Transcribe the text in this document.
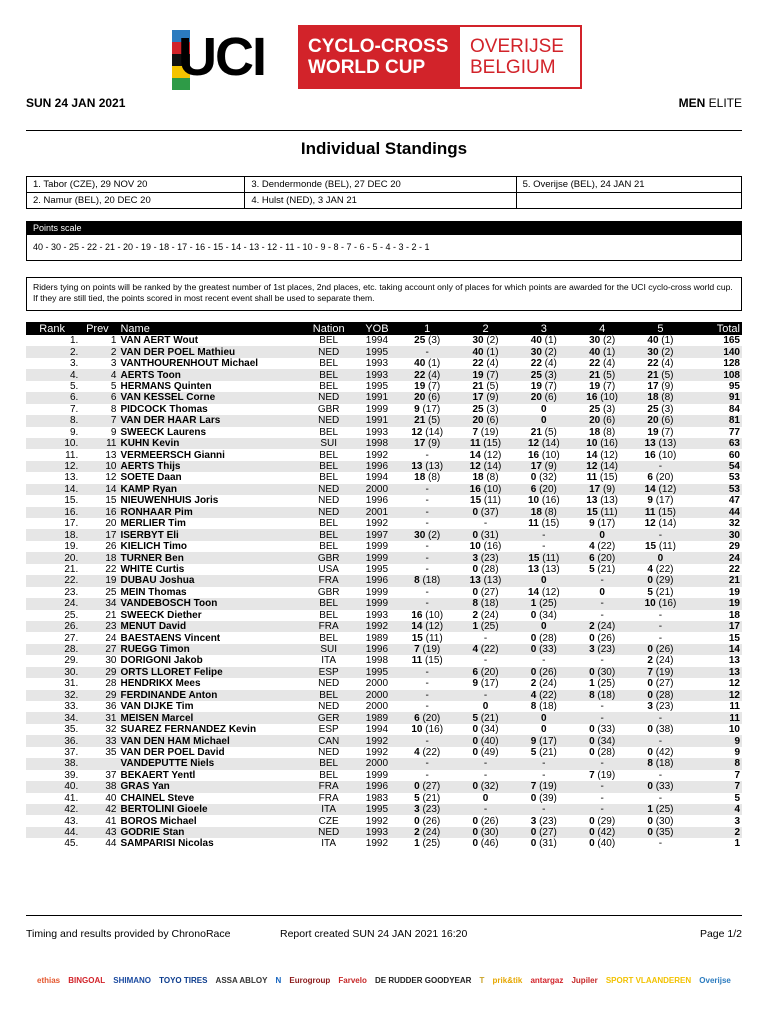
UCI CYCLO-CROSS
WORLD CUP
OVERIJSE
BELGIUM
SUN 24 JAN 2021	MEN ELITE
Individual Standings
1. Tabor (CZE), 29 NOV 20	3. Dendermonde (BEL), 27 DEC 20	5. Overijse (BEL), 24 JAN 21
2. Namur (BEL), 20 DEC 20	4. Hulst (NED), 3 JAN 21	
Points scale
40 - 30 - 25 - 22 - 21 - 20 - 19 - 18 - 17 - 16 - 15 - 14 - 13 - 12 - 11 - 10 - 9 - 8 - 7 - 6 - 5 - 4 - 3 - 2 - 1
Riders tying on points will be ranked by the greatest number of 1st places, 2nd places, etc. taking account only of places for which points are awarded for the UCI cyclo-cross world cup. If they are still tied, the points scored in most recent event shall be used to separate them.
Rank	Prev	Name	Nation	YOB	1	2	3	4	5	Total
1.	1	VAN AERT Wout	BEL	1994	25 (3)	30 (2)	40 (1)	30 (2)	40 (1)	165
2.	2	VAN DER POEL Mathieu	NED	1995	-	40 (1)	30 (2)	40 (1)	30 (2)	140
3.	3	VANTHOURENHOUT Michael	BEL	1993	40 (1)	22 (4)	22 (4)	22 (4)	22 (4)	128
4.	4	AERTS Toon	BEL	1993	22 (4)	19 (7)	25 (3)	21 (5)	21 (5)	108
5.	5	HERMANS Quinten	BEL	1995	19 (7)	21 (5)	19 (7)	19 (7)	17 (9)	95
6.	6	VAN KESSEL Corne	NED	1991	20 (6)	17 (9)	20 (6)	16 (10)	18 (8)	91
7.	8	PIDCOCK Thomas	GBR	1999	9 (17)	25 (3)	0	25 (3)	25 (3)	84
8.	7	VAN DER HAAR Lars	NED	1991	21 (5)	20 (6)	0	20 (6)	20 (6)	81
9.	9	SWEECK Laurens	BEL	1993	12 (14)	7 (19)	21 (5)	18 (8)	19 (7)	77
10.	11	KUHN Kevin	SUI	1998	17 (9)	11 (15)	12 (14)	10 (16)	13 (13)	63
11.	13	VERMEERSCH Gianni	BEL	1992	-	14 (12)	16 (10)	14 (12)	16 (10)	60
12.	10	AERTS Thijs	BEL	1996	13 (13)	12 (14)	17 (9)	12 (14)	-	54
13.	12	SOETE Daan	BEL	1994	18 (8)	18 (8)	0 (32)	11 (15)	6 (20)	53
14.	14	KAMP Ryan	NED	2000	-	16 (10)	6 (20)	17 (9)	14 (12)	53
15.	15	NIEUWENHUIS Joris	NED	1996	-	15 (11)	10 (16)	13 (13)	9 (17)	47
16.	16	RONHAAR Pim	NED	2001	-	0 (37)	18 (8)	15 (11)	11 (15)	44
17.	20	MERLIER Tim	BEL	1992	-	-	11 (15)	9 (17)	12 (14)	32
18.	17	ISERBYT Eli	BEL	1997	30 (2)	0 (31)	-	0	-	30
19.	26	KIELICH Timo	BEL	1999	-	10 (16)	-	4 (22)	15 (11)	29
20.	18	TURNER Ben	GBR	1999	-	3 (23)	15 (11)	6 (20)	0	24
21.	22	WHITE Curtis	USA	1995	-	0 (28)	13 (13)	5 (21)	4 (22)	22
22.	19	DUBAU Joshua	FRA	1996	8 (18)	13 (13)	0	-	0 (29)	21
23.	25	MEIN Thomas	GBR	1999	-	0 (27)	14 (12)	0	5 (21)	19
24.	34	VANDEBOSCH Toon	BEL	1999	-	8 (18)	1 (25)	-	10 (16)	19
25.	21	SWEECK Diether	BEL	1993	16 (10)	2 (24)	0 (34)	-	-	18
26.	23	MENUT David	FRA	1992	14 (12)	1 (25)	0	2 (24)	-	17
27.	24	BAESTAENS Vincent	BEL	1989	15 (11)	-	0 (28)	0 (26)	-	15
28.	27	RUEGG Timon	SUI	1996	7 (19)	4 (22)	0 (33)	3 (23)	0 (26)	14
29.	30	DORIGONI Jakob	ITA	1998	11 (15)	-	-	-	2 (24)	13
30.	29	ORTS LLORET Felipe	ESP	1995	-	6 (20)	0 (26)	0 (30)	7 (19)	13
31.	28	HENDRIKX Mees	NED	2000	-	9 (17)	2 (24)	1 (25)	0 (27)	12
32.	29	FERDINANDE Anton	BEL	2000	-	-	4 (22)	8 (18)	0 (28)	12
33.	36	VAN DIJKE Tim	NED	2000	-	0	8 (18)	-	3 (23)	11
34.	31	MEISEN Marcel	GER	1989	6 (20)	5 (21)	0	-	-	11
35.	32	SUAREZ FERNANDEZ Kevin	ESP	1994	10 (16)	0 (34)	0	0 (33)	0 (38)	10
36.	33	VAN DEN HAM Michael	CAN	1992	-	0 (40)	9 (17)	0 (34)	-	9
37.	35	VAN DER POEL David	NED	1992	4 (22)	0 (49)	5 (21)	0 (28)	0 (42)	9
38.		VANDEPUTTE Niels	BEL	2000	-	-	-	-	8 (18)	8
39.	37	BEKAERT Yentl	BEL	1999	-	-	-	7 (19)	-	7
40.	38	GRAS Yan	FRA	1996	0 (27)	0 (32)	7 (19)	-	0 (33)	7
41.	40	CHAINEL Steve	FRA	1983	5 (21)	0	0 (39)	-	-	5
42.	42	BERTOLINI Gioele	ITA	1995	3 (23)	-	-	-	1 (25)	4
43.	41	BOROS Michael	CZE	1992	0 (26)	0 (26)	3 (23)	0 (29)	0 (30)	3
44.	43	GODRIE Stan	NED	1993	2 (24)	0 (30)	0 (27)	0 (42)	0 (35)	2
45.	44	SAMPARISI Nicolas	ITA	1992	1 (25)	0 (46)	0 (31)	0 (40)	-	1
Timing and results provided by ChronoRace	Report created SUN 24 JAN 2021 16:20	Page 1/2
ethias	BINGOAL	SHIMANO	TOYO TIRES	ASSA ABLOY	N	Eurogroup	Farvelo	DE RUDDER GOODYEAR	T	prik&tik	antargaz	Jupiler	SPORT VLAANDEREN	Overijse
